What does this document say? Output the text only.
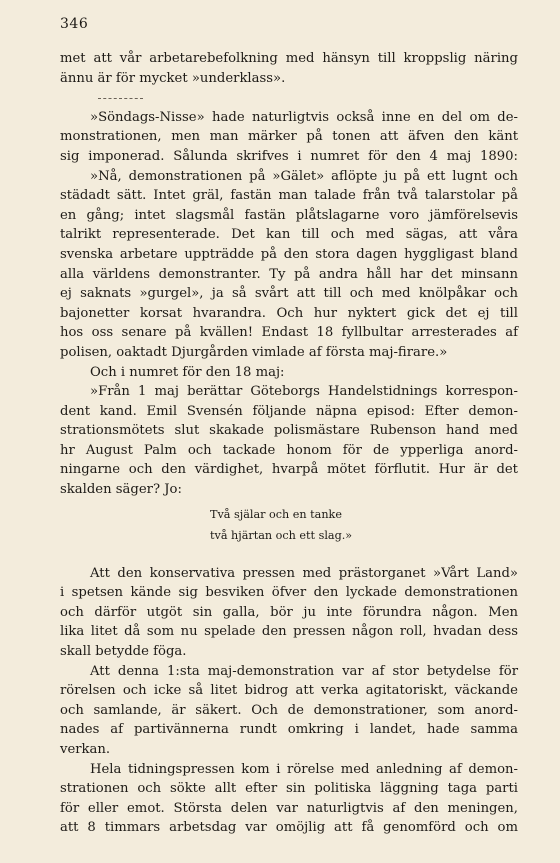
346
met att vår arbetarebefolkning med hänsyn till kroppslig näring
ännu är för mycket »underklass».
»Söndags-Nisse» hade naturligtvis också inne en del om de-
monstrationen, men man märker på tonen att äfven den känt
sig imponerad. Sålunda skrifves i numret för den 4 maj 1890:
»Nå, demonstrationen på »Gälet» aflöpte ju på ett lugnt och
städadt sätt. Intet gräl, fastän man talade från två talarstolar på
en gång; intet slagsmål fastän plåtslagarne voro jämförelsevis
talrikt representerade. Det kan till och med sägas, att våra
svenska arbetare uppträdde på den stora dagen hyggligast bland
alla världens demonstranter. Ty på andra håll har det minsann
ej saknats »gurgel», ja så svårt att till och med knölpåkar och
bajonetter korsat hvarandra. Och hur nyktert gick det ej till
hos oss senare på kvällen! Endast 18 fyllbultar arresterades af
polisen, oaktadt Djurgården vimlade af första maj-firare.»
Och i numret för den 18 maj:
»Från 1 maj berättar Göteborgs Handelstidnings korrespon-
dent kand. Emil Svensén följande näpna episod: Efter demon-
strationsmötets slut skakade polismästare Rubenson hand med
hr August Palm och tackade honom för de ypperliga anord-
ningarne och den värdighet, hvarpå mötet förflutit. Hur är det
skalden säger? Jo:
Två själar och en tanke
två hjärtan och ett slag.»
Att den konservativa pressen med prästorganet »Vårt Land»
i spetsen kände sig besviken öfver den lyckade demonstrationen
och därför utgöt sin galla, bör ju inte förundra någon. Men
lika litet då som nu spelade den pressen någon roll, hvadan dess
skall betydde föga.
Att denna 1:sta maj-demonstration var af stor betydelse för
rörelsen och icke så litet bidrog att verka agitatoriskt, väckande
och samlande, är säkert. Och de demonstrationer, som anord-
nades af partivännerna rundt omkring i landet, hade samma
verkan.
Hela tidningspressen kom i rörelse med anledning af demon-
strationen och sökte allt efter sin politiska läggning taga parti
för eller emot. Största delen var naturligtvis af den meningen,
att 8 timmars arbetsdag var omöjlig att få genomförd och om
